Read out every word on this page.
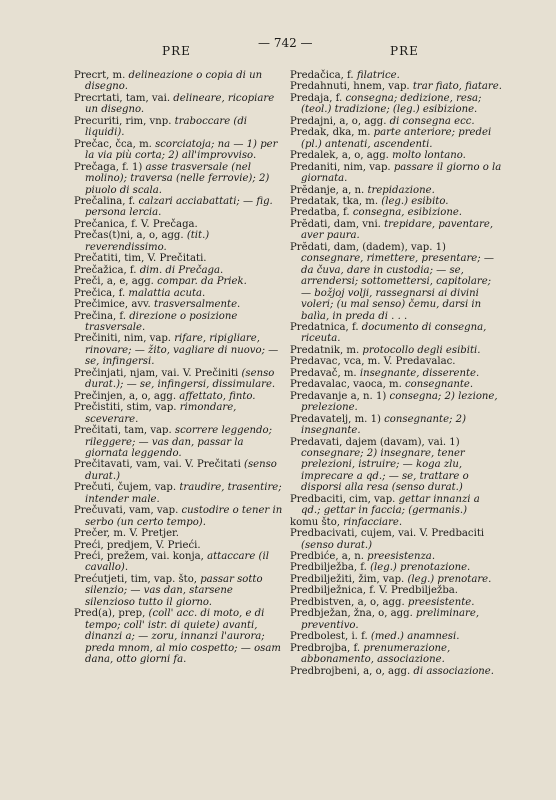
PRE
— 742 —
PRE

Precrt, m. delineazione o copia di un disegno.

Precrtati, tam, vai. delineare, ricopiare un disegno.

Precuriti, rim, vnp. traboccare (di liquidi).

Prečac, čca, m. scorciatoja; na — 1) per la via più corta; 2) all'improvviso.

Prečaga, f. 1) asse trasversale (nel molino); traversa (nelle ferrovie); 2) piuolo di scala.

Prečalina, f. calzari acciabattati; — fig. persona lercia.

Prečanica, f. V. Prečaga.

Prečas(t)ni, a, o, agg. (tit.) reverendissimo.

Prečatiti, tim, V. Prečitati.

Prečažica, f. dim. di Prečaga.

Preči, a, e, agg. compar. da Priek.

Prečica, f. malattia acuta.

Prečimice, avv. trasversalmente.

Prečina, f. direzione o posizione trasversale.

Prečiniti, nim, vap. rifare, ripigliare, rinovare; — žito, vagliare di nuovo; — se, infingersi.

Prečinjati, njam, vai. V. Prečiniti (senso durat.); — se, infingersi, dissimulare.

Prečinjen, a, o, agg. affettato, finto.

Prečistiti, stim, vap. rimondare, sceverare.

Prečitati, tam, vap. scorrere leggendo; rileggere; — vas dan, passar la giornata leggendo.

Prečitavati, vam, vai. V. Prečitati (senso durat.)

Prečuti, čujem, vap. traudire, trasentire; intender male.

Prečuvati, vam, vap. custodire o tener in serbo (un certo tempo).

Prečer, m. V. Pretjer.

Preći, predjem, V. Prieći.

Preći, prežem, vai. konja, attaccare (il cavallo).

Prećutjeti, tim, vap. što, passar sotto silenzio; — vas dan, starsene silenzioso tutto il giorno.

Pred(a), prep, (coll' acc. di moto, e di tempo; coll' istr. di quiete) avanti, dinanzi a; — zoru, innanzi l'aurora; preda mnom, al mio cospetto; — osam dana, otto giorni fa.

Predačica, f. filatrice.

Predahnuti, hnem, vap. trar fiato, fiatare.

Predaja, f. consegna; dedizione, resa; (teol.) tradizione; (leg.) esibizione.

Predajni, a, o, agg. di consegna ecc.

Predak, dka, m. parte anteriore; predei (pl.) antenati, ascendenti.

Predalek, a, o, agg. molto lontano.

Predaniti, nim, vap. passare il giorno o la giornata.

Prĕdanje, a, n. trepidazione.

Predatak, tka, m. (leg.) esibito.

Predatba, f. consegna, esibizione.

Prĕdati, dam, vni. trepidare, paventare, aver paura.

Prĕdati, dam, (dadem), vap. 1) consegnare, rimettere, presentare; — da čuva, dare in custodia; — se, arrendersi; sottomettersi, capitolare; — božjoj volji, rassegnarsi ai divini voleri; (u mal senso) čemu, darsi in balìa, in preda di . . .

Predatnica, f. documento di consegna, riceuta.

Predatnik, m. protocollo degli esibiti.

Predavac, vca, m. V. Predavalac.

Predavač, m. insegnante, disserente.

Predavalac, vaoca, m. consegnante.

Predavanje a, n. 1) consegna; 2) lezione, prelezione.

Predavatelj, m. 1) consegnante; 2) insegnante.

Predavati, dajem (davam), vai. 1) consegnare; 2) insegnare, tener prelezioni, istruire; — koga zlu, imprecare a qd.; — se, trattare o disporsi alla resa (senso durat.)

Predbaciti, cim, vap. gettar innanzi a qd.; gettar in faccia; (germanis.)

komu što, rinfacciare.

Predbacivati, cujem, vai. V. Predbaciti (senso durat.)

Predbiće, a, n. preesistenza.

Predbilježba, f. (leg.) prenotazione.

Predbilježiti, žim, vap. (leg.) prenotare.

Predbilježnica, f. V. Predbilježba.

Predbistven, a, o, agg. preesistente.

Predbježan, žna, o, agg. preliminare, preventivo.

Predbolest, i. f. (med.) anamnesi.

Predbrojba, f. prenumerazione, abbonamento, associazione.

Predbrojbeni, a, o, agg. di associazione.
